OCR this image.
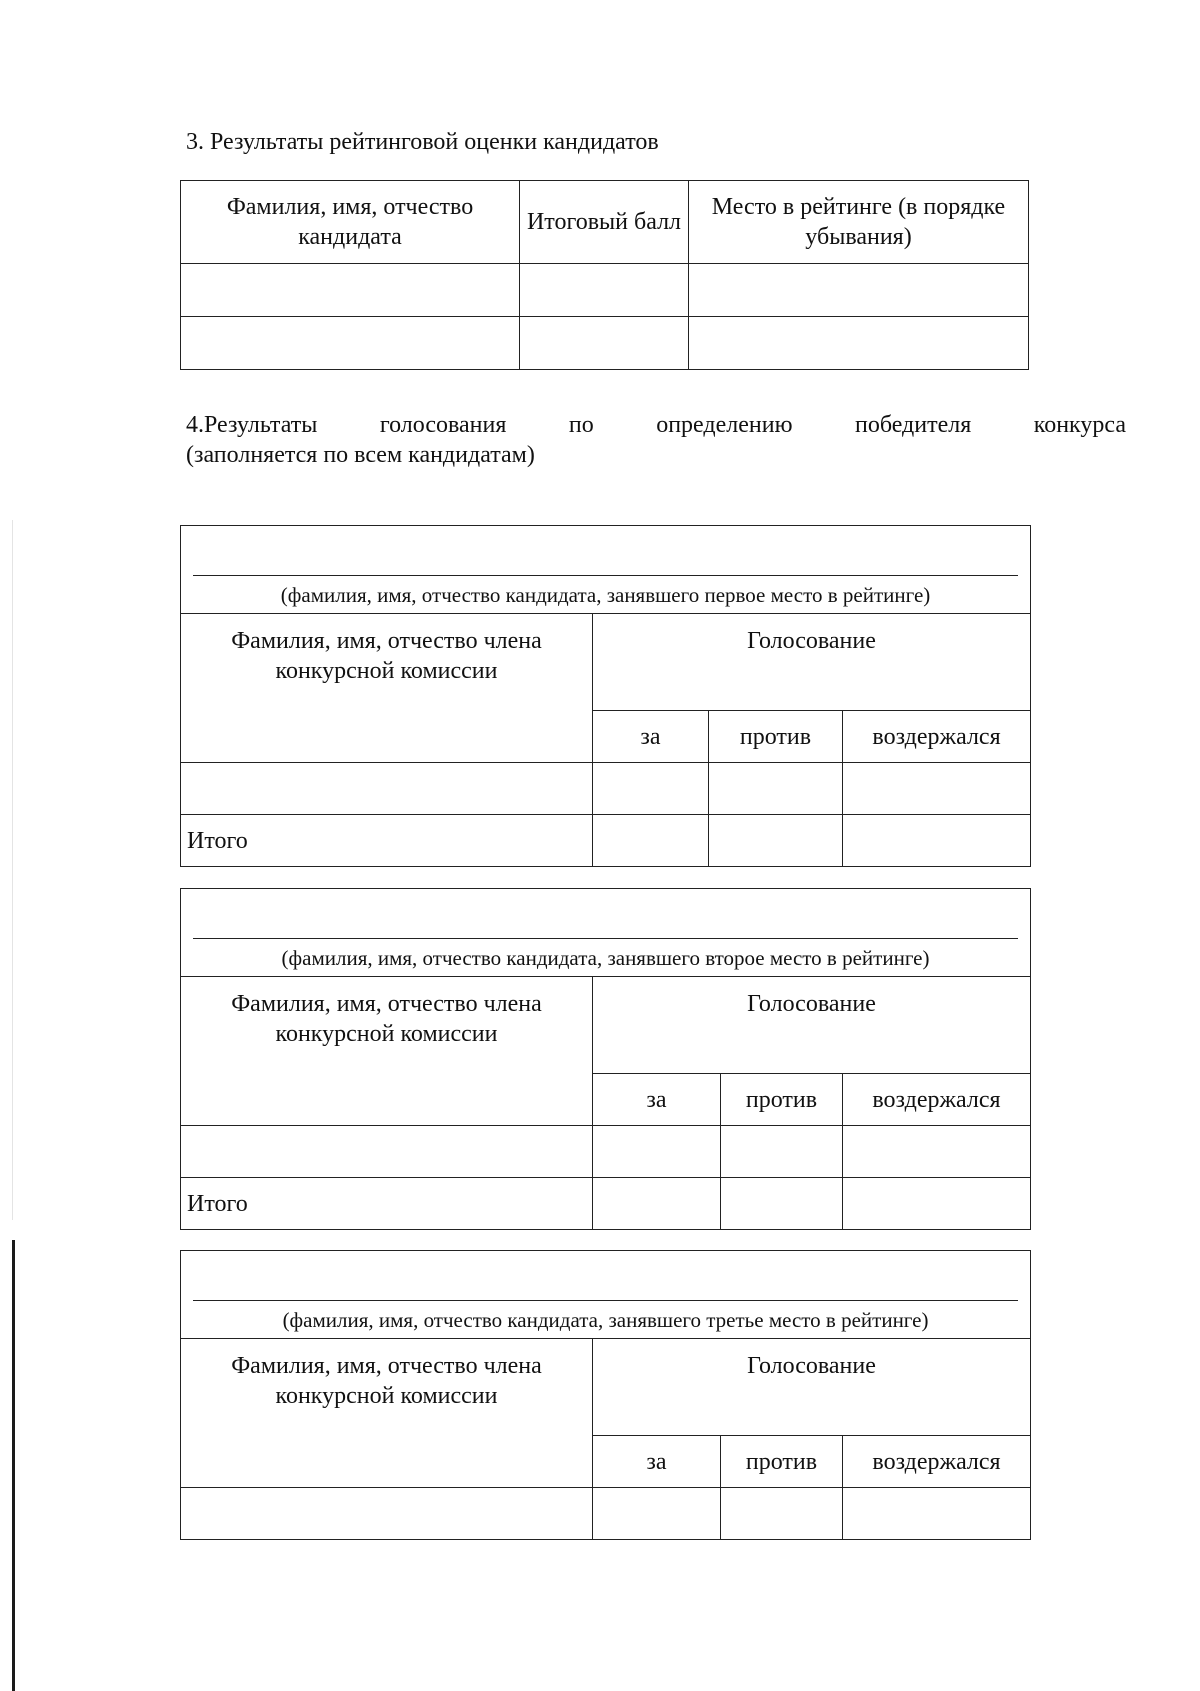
3. Результаты рейтинговой оценки кандидатов
Фамилия, имя, отчество кандидата	Итоговый балл	Место в рейтинге (в порядке убывания)

4.Результаты	голосования	по	определению	победителя	конкурса
(заполняется по всем кандидатам)
(фамилия, имя, отчество кандидата, занявшего первое место в рейтинге)			

Фамилия, имя, отчество члена конкурсной комиссии	Голосование		
	за	против	воздержался

Итого			
(фамилия, имя, отчество кандидата, занявшего второе место в рейтинге)			

Фамилия, имя, отчество члена конкурсной комиссии	Голосование		
	за	против	воздержался

Итого			
(фамилия, имя, отчество кандидата, занявшего третье место в рейтинге)			

Фамилия, имя, отчество члена конкурсной комиссии	Голосование		
	за	против	воздержался
